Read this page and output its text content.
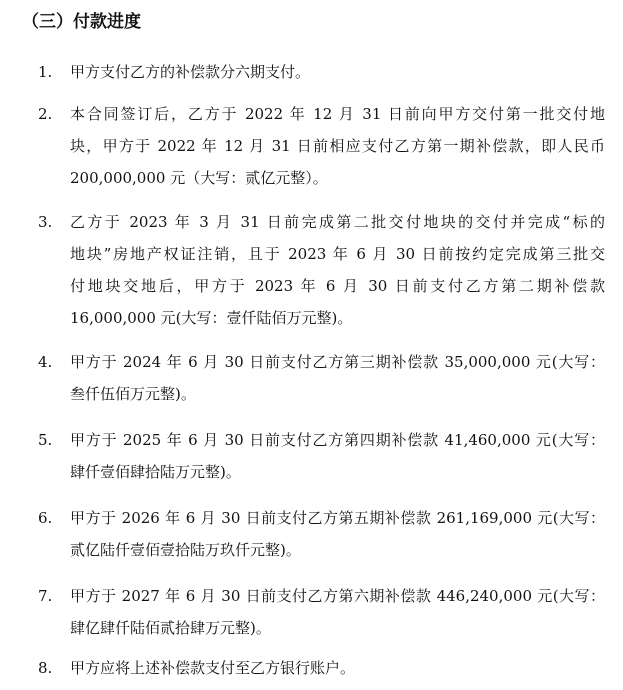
（三）付款进度
1. 甲方支付乙方的补偿款分六期支付。
2. 本合同签订后，乙方于 2022 年 12 月 31 日前向甲方交付第一批交付地
块，甲方于 2022 年 12 月 31 日前相应支付乙方第一期补偿款，即人民币
200,000,000 元（大写：贰亿元整）。
3. 乙方于 2023 年 3 月 31 日前完成第二批交付地块的交付并完成“标的
地块”房地产权证注销，且于 2023 年 6 月 30 日前按约定完成第三批交
付地块交地后，甲方于 2023 年 6 月 30 日前支付乙方第二期补偿款
16,000,000 元(大写：壹仟陆佰万元整)。
4. 甲方于 2024 年 6 月 30 日前支付乙方第三期补偿款 35,000,000 元(大写：
叁仟伍佰万元整)。
5. 甲方于 2025 年 6 月 30 日前支付乙方第四期补偿款 41,460,000 元(大写：
肆仟壹佰肆拾陆万元整)。
6. 甲方于 2026 年 6 月 30 日前支付乙方第五期补偿款 261,169,000 元(大写：
贰亿陆仟壹佰壹拾陆万玖仟元整)。
7. 甲方于 2027 年 6 月 30 日前支付乙方第六期补偿款 446,240,000 元(大写：
肆亿肆仟陆佰贰拾肆万元整)。
8. 甲方应将上述补偿款支付至乙方银行账户。
